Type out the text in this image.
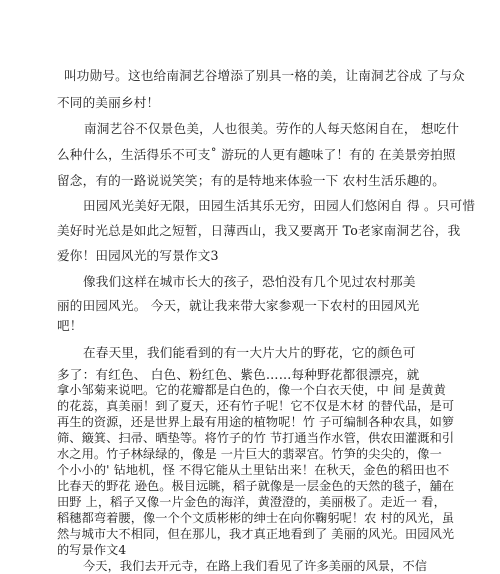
叫功勋号。这也给南洞艺谷增添了别具一格的美，让南洞艺谷成 了与众
不同的美丽乡村！
南洞艺谷不仅景色美，人也很美。劳作的人每天悠闲自在， 想吃什
么种什么，生活得乐不可支˚ 游玩的人更有趣味了！有的 在美景旁拍照
留念，有的一路说说笑笑；有的是特地来体验一下 农村生活乐趣的。
田园风光美好无限，田园生活其乐无穷，田园人们悠闲自 得 。只可惜
美好时光总是如此之短暂，日薄西山，我又要离开 To老家南洞艺谷，我
爱你！田园风光的写景作文3
像我们这样在城市长大的孩子，恐怕没有几个见过农村那美
丽的田园风光。 今天，就让我来带大家参观一下农村的田园风光
吧！
在春天里，我们能看到的有一大片大片的野花，它的颜色可
多了：有红色、 白色、粉红色、紫色……每种野花都很漂亮，就
拿小邹菊来说吧。它的花瓣都是白色的，像一个白衣天使，中 间 是黄黄
的花蕊，真美丽！到了夏天，还有竹子呢！它不仅是木材 的替代品，是可
再生的资源，还是世界上最有用途的植物呢！竹 子可编制各种农具，如箩
筛、簸箕、扫帚、晒垫等。将竹子的竹 节打通当作水管，供农田灌溉和引
水之用。竹子林绿绿的，像是 一片巨大的翡翠宫。竹笋的尖尖的，像一
个小小的' 钻地机，怪 不得它能从土里钻出来！在秋天，金色的稻田也不
比春天的野花 逊色。极目远眺，稻子就像是一层金色的天然的毯子，舖在
田野 上，稻子又像一片金色的海洋，黄澄澄的，美丽极了。走近一 看，
稻穗都弯着腰，像一个个文质彬彬的绅士在向你鞠躬呢！农 村的风光，虽
然与城市大不相同，但在那儿，我才真正地看到了 美丽的风光。田园风光
的写景作文4
今天，我们去开元寺，在路上我们看见了许多美丽的风景，不信
